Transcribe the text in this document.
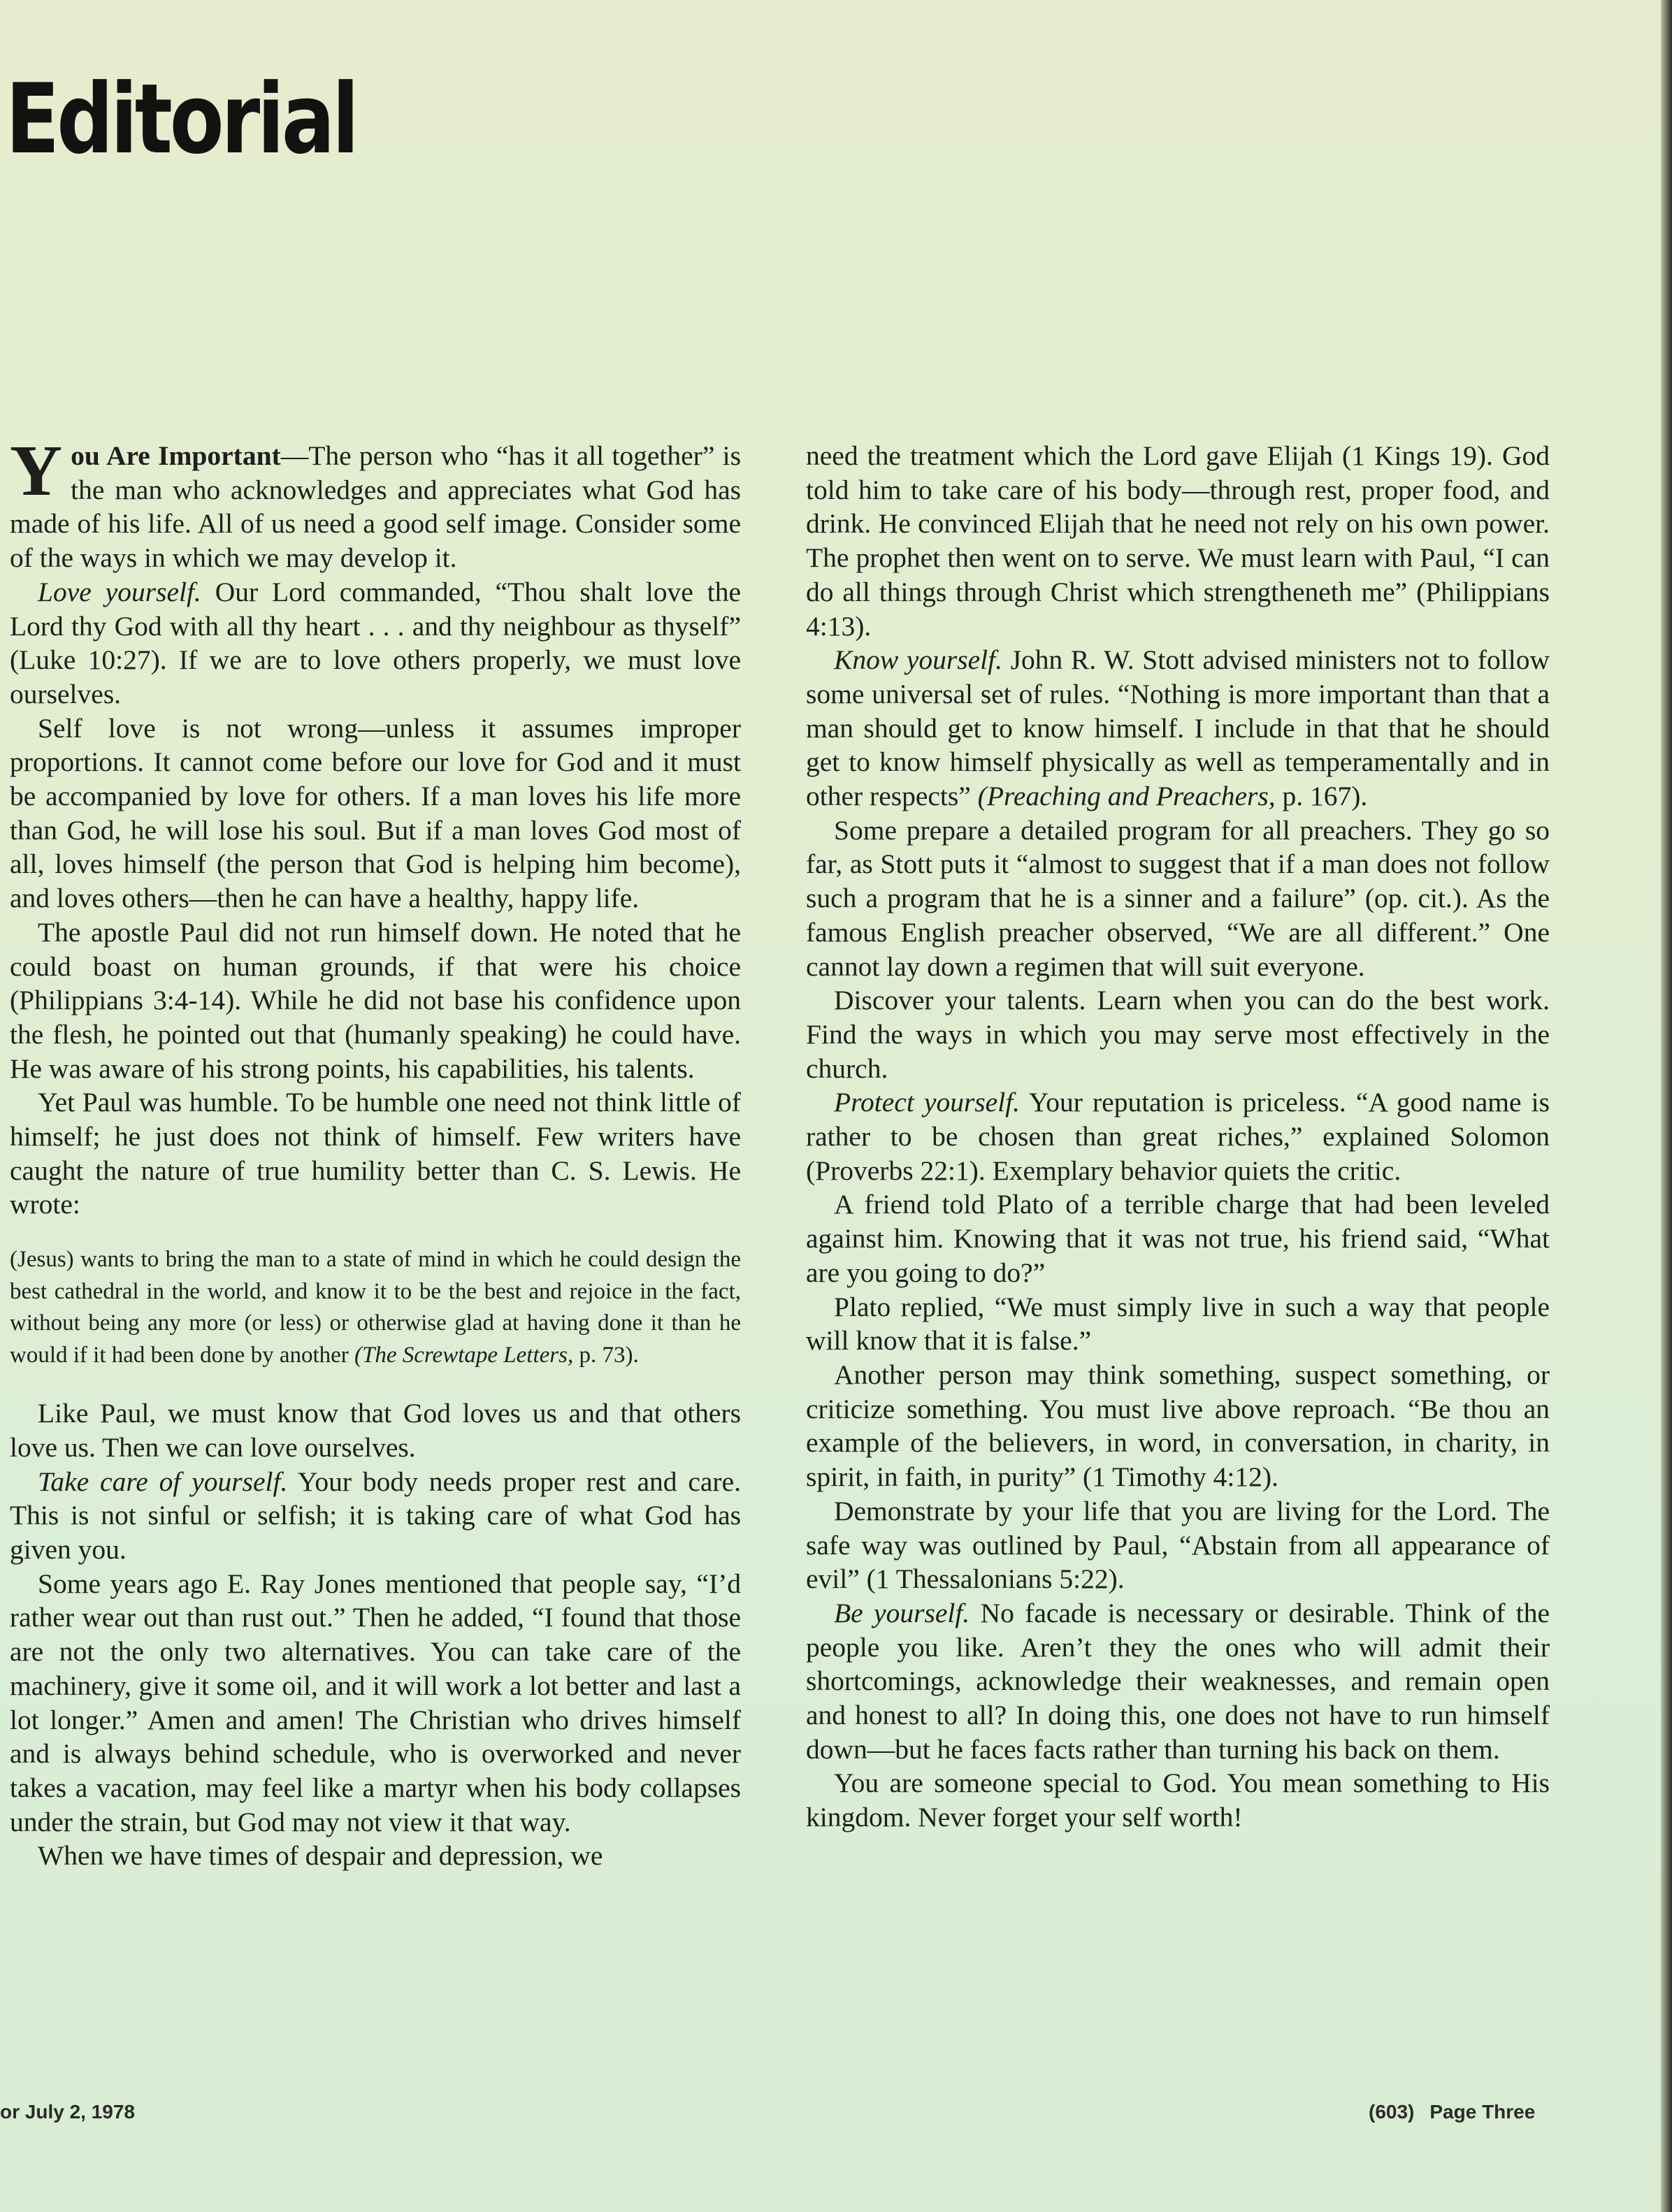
Editorial

You Are Important—The person who “has it all together” is the man who acknowledges and appreciates what God has made of his life. All of us need a good self image. Consider some of the ways in which we may develop it.

Love yourself. Our Lord commanded, “Thou shalt love the Lord thy God with all thy heart . . . and thy neighbour as thyself” (Luke 10:27). If we are to love others properly, we must love ourselves.

Self love is not wrong—unless it assumes improper proportions. It cannot come before our love for God and it must be accompanied by love for others. If a man loves his life more than God, he will lose his soul. But if a man loves God most of all, loves himself (the person that God is helping him become), and loves others—then he can have a healthy, happy life.

The apostle Paul did not run himself down. He noted that he could boast on human grounds, if that were his choice (Philippians 3:4-14). While he did not base his confidence upon the flesh, he pointed out that (humanly speaking) he could have. He was aware of his strong points, his capabilities, his talents.

Yet Paul was humble. To be humble one need not think little of himself; he just does not think of himself. Few writers have caught the nature of true humility better than C. S. Lewis. He wrote:

(Jesus) wants to bring the man to a state of mind in which he could design the best cathedral in the world, and know it to be the best and rejoice in the fact, without being any more (or less) or otherwise glad at having done it than he would if it had been done by another (The Screwtape Letters, p. 73).

Like Paul, we must know that God loves us and that others love us. Then we can love ourselves.

Take care of yourself. Your body needs proper rest and care. This is not sinful or selfish; it is taking care of what God has given you.

Some years ago E. Ray Jones mentioned that people say, “I’d rather wear out than rust out.” Then he added, “I found that those are not the only two alternatives. You can take care of the machinery, give it some oil, and it will work a lot better and last a lot longer.” Amen and amen! The Christian who drives himself and is always behind schedule, who is overworked and never takes a vacation, may feel like a martyr when his body collapses under the strain, but God may not view it that way.

When we have times of despair and depression, we

need the treatment which the Lord gave Elijah (1 Kings 19). God told him to take care of his body—through rest, proper food, and drink. He convinced Elijah that he need not rely on his own power. The prophet then went on to serve. We must learn with Paul, “I can do all things through Christ which strengtheneth me” (Philippians 4:13).

Know yourself. John R. W. Stott advised ministers not to follow some universal set of rules. “Nothing is more important than that a man should get to know himself. I include in that that he should get to know himself physically as well as temperamentally and in other respects” (Preaching and Preachers, p. 167).

Some prepare a detailed program for all preachers. They go so far, as Stott puts it “almost to suggest that if a man does not follow such a program that he is a sinner and a failure” (op. cit.). As the famous English preacher observed, “We are all different.” One cannot lay down a regimen that will suit everyone.

Discover your talents. Learn when you can do the best work. Find the ways in which you may serve most effectively in the church.

Protect yourself. Your reputation is priceless. “A good name is rather to be chosen than great riches,” explained Solomon (Proverbs 22:1). Exemplary behavior quiets the critic.

A friend told Plato of a terrible charge that had been leveled against him. Knowing that it was not true, his friend said, “What are you going to do?”

Plato replied, “We must simply live in such a way that people will know that it is false.”

Another person may think something, suspect something, or criticize something. You must live above reproach. “Be thou an example of the believers, in word, in conversation, in charity, in spirit, in faith, in purity” (1 Timothy 4:12).

Demonstrate by your life that you are living for the Lord. The safe way was outlined by Paul, “Abstain from all appearance of evil” (1 Thessalonians 5:22).

Be yourself. No facade is necessary or desirable. Think of the people you like. Aren’t they the ones who will admit their shortcomings, acknowledge their weaknesses, and remain open and honest to all? In doing this, one does not have to run himself down—but he faces facts rather than turning his back on them.

You are someone special to God. You mean something to His kingdom. Never forget your self worth!

or July 2, 1978	(603) Page Three
